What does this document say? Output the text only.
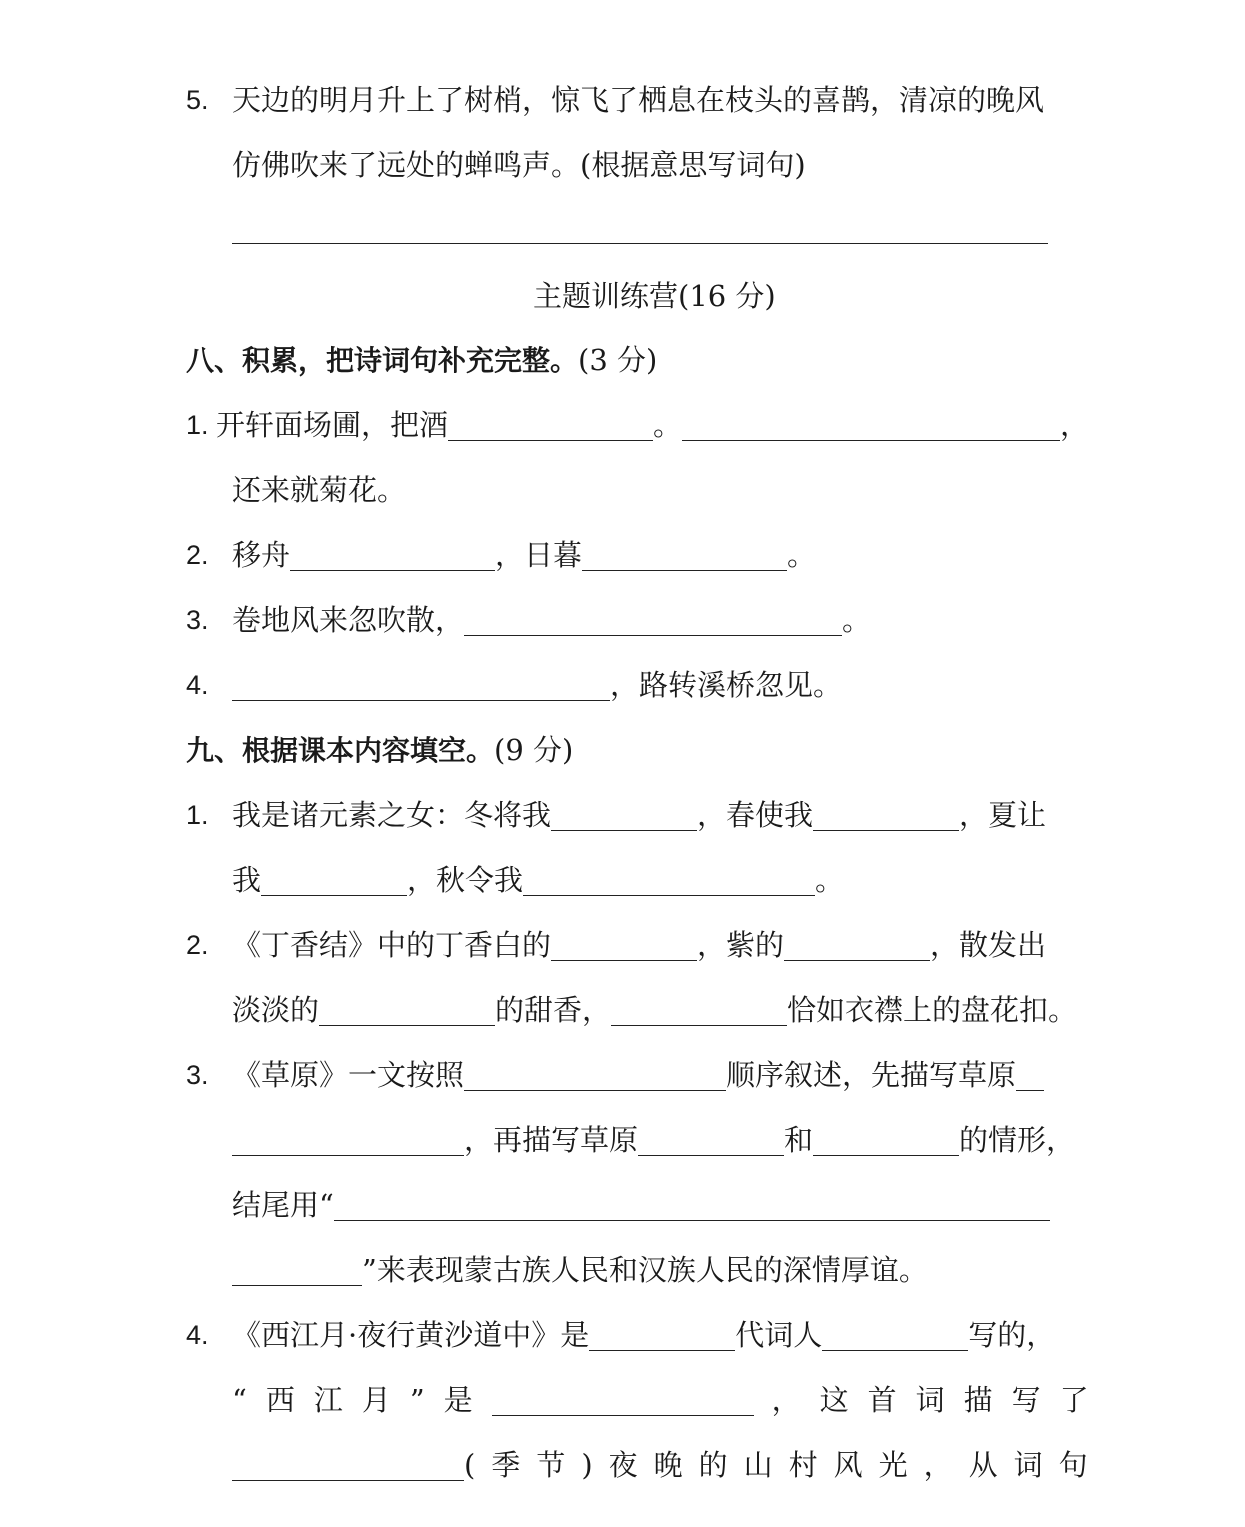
5. 天边的明月升上了树梢，惊飞了栖息在枝头的喜鹊，清凉的晚风
仿佛吹来了远处的蝉鸣声。(根据意思写词句)
主题训练营(16 分)
八、积累，把诗词句补充完整。(3 分)
1. 开轩面场圃，把酒	。	，
还来就菊花。
2. 移舟	，日暮	。
3. 卷地风来忽吹散，	。
4.	，路转溪桥忽见。
九、根据课本内容填空。(9 分)
1. 我是诸元素之女：冬将我	，春使我	，夏让
我	，秋令我	。
2. 《丁香结》中的丁香白的	，紫的	，散发出
淡淡的	的甜香，	恰如衣襟上的盘花扣。
3. 《草原》一文按照	顺序叙述，先描写草原
，再描写草原	和	的情形，
结尾用“
”来表现蒙古族人民和汉族人民的深情厚谊。
4. 《西江月·夜行黄沙道中》是	代词人	写的，
“西江月”是	，这首词描写了
(季节)夜晚的山村风光，从词句
